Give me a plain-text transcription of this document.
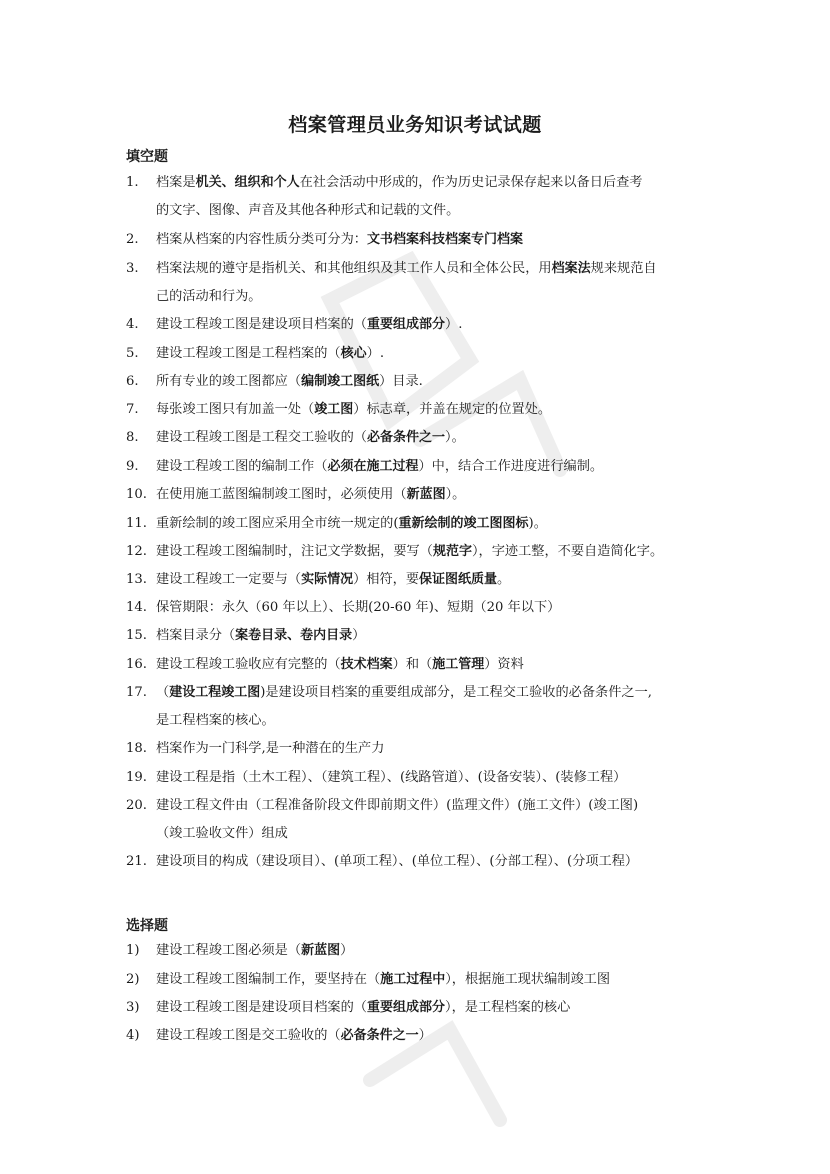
档案管理员业务知识考试试题
填空题
1. 档案是机关、组织和个人在社会活动中形成的，作为历史记录保存起来以备日后查考
的文字、图像、声音及其他各种形式和记载的文件。
2. 档案从档案的内容性质分类可分为：文书档案科技档案专门档案
3. 档案法规的遵守是指机关、和其他组织及其工作人员和全体公民，用档案法规来规范自
己的活动和行为。
4. 建设工程竣工图是建设项目档案的（重要组成部分）.
5. 建设工程竣工图是工程档案的（核心）.
6. 所有专业的竣工图都应（编制竣工图纸）目录.
7. 每张竣工图只有加盖一处（竣工图）标志章，并盖在规定的位置处。
8. 建设工程竣工图是工程交工验收的（必备条件之一）。
9. 建设工程竣工图的编制工作（必须在施工过程）中，结合工作进度进行编制。
10. 在使用施工蓝图编制竣工图时，必须使用（新蓝图）。
11. 重新绘制的竣工图应采用全市统一规定的(重新绘制的竣工图图标)。
12. 建设工程竣工图编制时，注记文学数据，要写（规范字），字迹工整，不要自造简化字。
13. 建设工程竣工一定要与（实际情况）相符，要保证图纸质量。
14. 保管期限：永久（60 年以上）、长期(20-60 年)、短期（20 年以下）
15. 档案目录分（案卷目录、卷内目录）
16. 建设工程竣工验收应有完整的（技术档案）和（施工管理）资料
17. （建设工程竣工图)是建设项目档案的重要组成部分，是工程交工验收的必备条件之一,
是工程档案的核心。
18. 档案作为一门科学,是一种潜在的生产力
19. 建设工程是指（土木工程）、（建筑工程）、(线路管道）、(设备安装）、(装修工程）
20. 建设工程文件由（工程准备阶段文件即前期文件）(监理文件）(施工文件）(竣工图)
（竣工验收文件）组成
21. 建设项目的构成（建设项目）、(单项工程）、(单位工程）、(分部工程）、(分项工程）
选择题
1) 建设工程竣工图必须是（新蓝图）
2) 建设工程竣工图编制工作，要坚持在（施工过程中），根据施工现状编制竣工图
3) 建设工程竣工图是建设项目档案的（重要组成部分），是工程档案的核心
4) 建设工程竣工图是交工验收的（必备条件之一）
